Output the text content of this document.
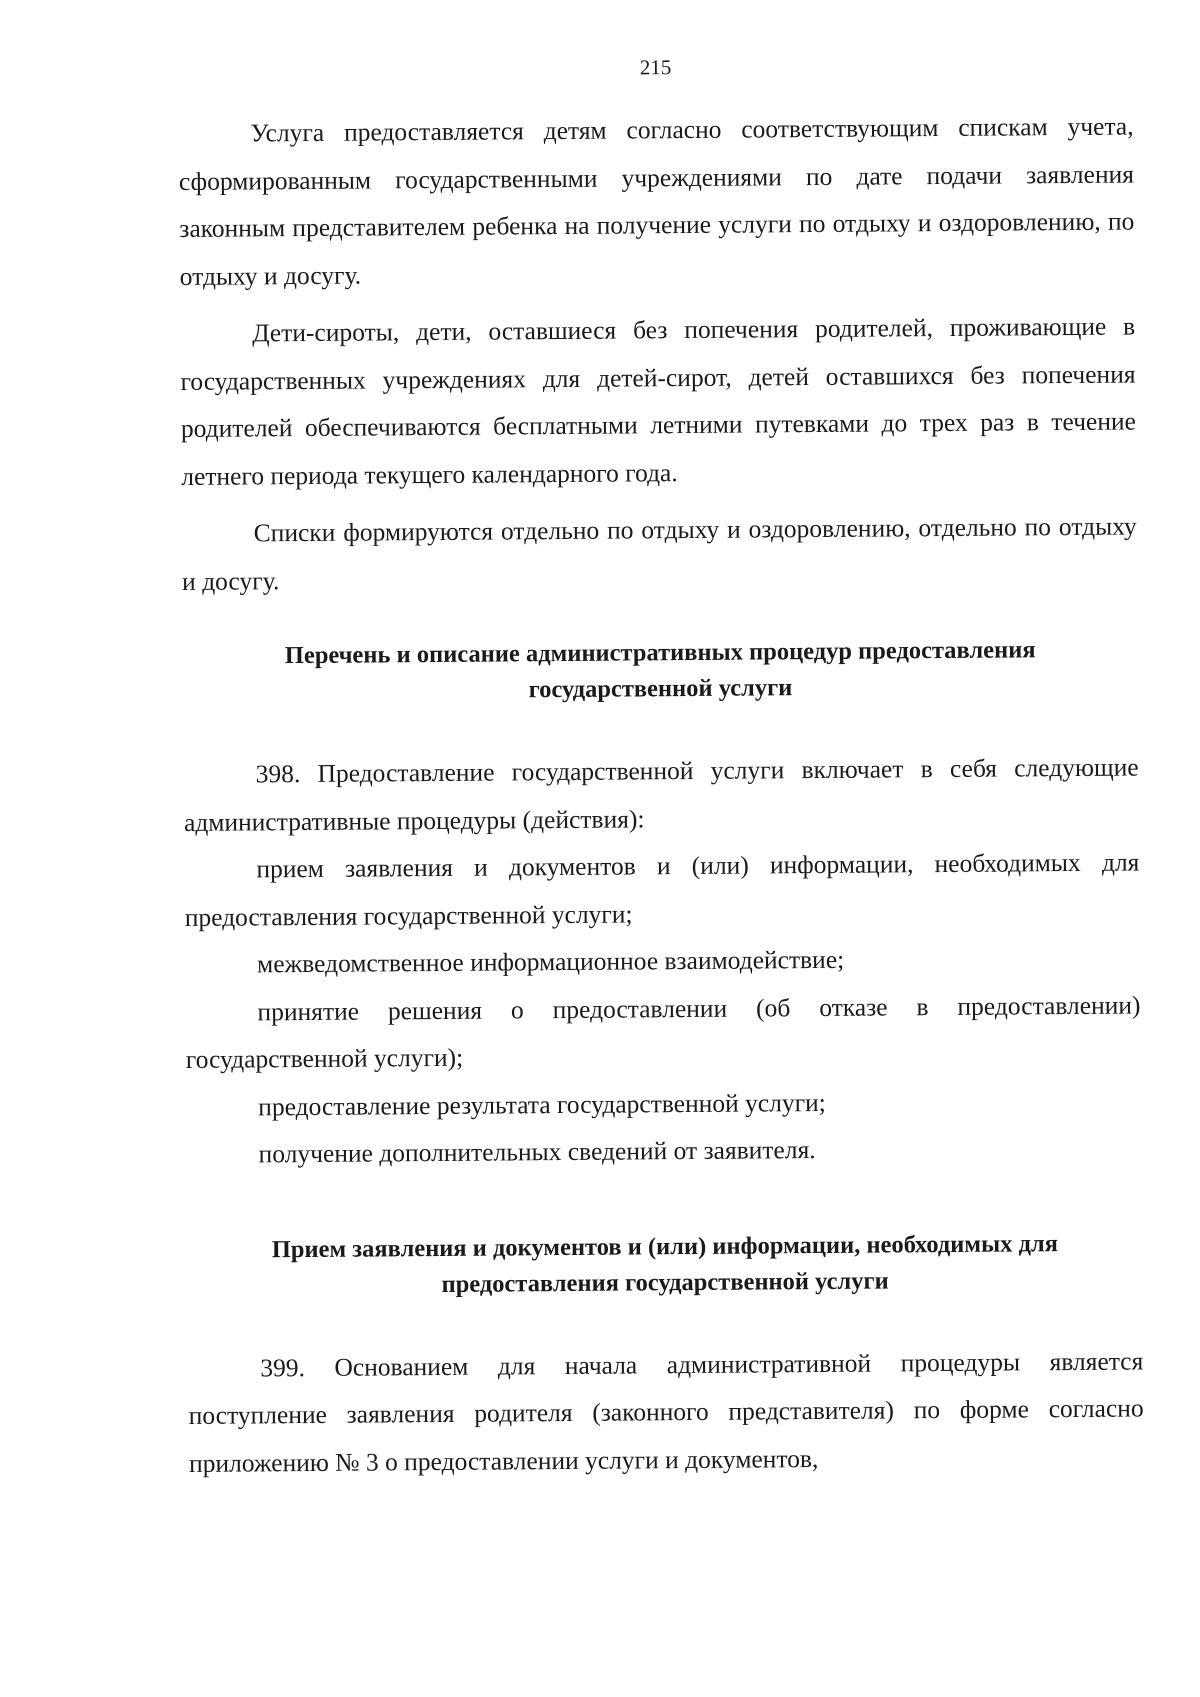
215

Услуга предоставляется детям согласно соответствующим спискам учета, сформированным государственными учреждениями по дате подачи заявления законным представителем ребенка на получение услуги по отдыху и оздоровлению, по отдыху и досугу.

Дети-сироты, дети, оставшиеся без попечения родителей, проживающие в государственных учреждениях для детей-сирот, детей оставшихся без попечения родителей обеспечиваются бесплатными летними путевками до трех раз в течение летнего периода текущего календарного года.

Списки формируются отдельно по отдыху и оздоровлению, отдельно по отдыху и досугу.

Перечень и описание административных процедур предоставления государственной услуги

398. Предоставление государственной услуги включает в себя следующие административные процедуры (действия):

прием заявления и документов и (или) информации, необходимых для предоставления государственной услуги;

межведомственное информационное взаимодействие;

принятие решения о предоставлении (об отказе в предоставлении) государственной услуги);

предоставление результата государственной услуги;

получение дополнительных сведений от заявителя.

Прием заявления и документов и (или) информации, необходимых для предоставления государственной услуги

399. Основанием для начала административной процедуры является поступление заявления родителя (законного представителя) по форме согласно приложению № 3 о предоставлении услуги и документов,
